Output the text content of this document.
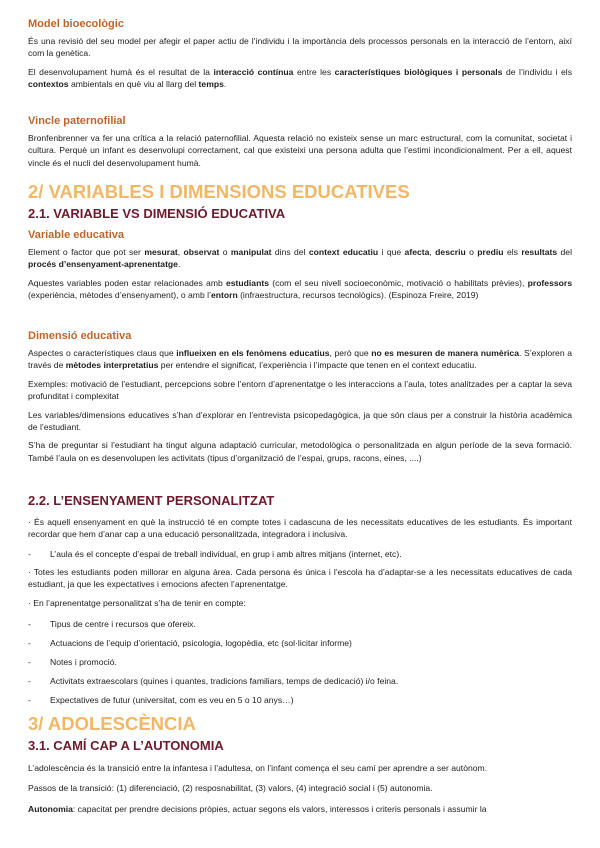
Model bioecològic

És una revisió del seu model per afegir el paper actiu de l’individu i la importància dels processos personals en la interacció de l’entorn, així com la genètica.

El desenvolupament humà és el resultat de la interacció contínua entre les característiques biològiques i personals de l’individu i els contextos ambientals en què viu al llarg del temps.

Vincle paternofilial

Bronfenbrenner va fer una crítica a la relació paternofilial. Aquesta relació no existeix sense un marc estructural, com la comunitat, societat i cultura. Perquè un infant es desenvolupi correctament, cal que existeixi una persona adulta que l’estimi incondicionalment. Per a ell, aquest vincle és el nucli del desenvolupament humà.

2/ VARIABLES I DIMENSIONS EDUCATIVES
2.1. VARIABLE VS DIMENSIÓ EDUCATIVA
Variable educativa

Element o factor que pot ser mesurat, observat o manipulat dins del context educatiu i que afecta, descriu o prediu els resultats del procés d’ensenyament-aprenentatge.

Aquestes variables poden estar relacionades amb estudiants (com el seu nivell socioeconòmic, motivació o habilitats prèvies), professors (experiència, mètodes d’ensenyament), o amb l’entorn (infraestructura, recursos tecnològics). (Espinoza Freire, 2019)

Dimensió educativa

Aspectes o característiques claus que influeixen en els fenòmens educatius, però que no es mesuren de manera numèrica. S’exploren a través de mètodes interpretatius per entendre el significat, l’experiència i l’impacte que tenen en el context educatiu.

Exemples: motivació de l’estudiant, percepcions sobre l’entorn d’aprenentatge o les interaccions a l’aula, totes analitzades per a captar la seva profunditat i complexitat

Les variables/dimensions educatives s’han d’explorar en l’entrevista psicopedagògica, ja que són claus per a construir la història acadèmica de l’estudiant.

S’ha de preguntar si l’estudiant ha tingut alguna adaptació curricular, metodològica o personalitzada en algun període de la seva formació. També l’aula on es desenvolupen les activitats (tipus d’organització de l’espai, grups, racons, eines, ....)

2.2. L’ENSENYAMENT PERSONALITZAT

· És aquell ensenyament en què la instrucció té en compte totes i cadascuna de les necessitats educatives de les estudiants. És important recordar que hem d’anar cap a una educació personalitzada, integradora i inclusiva.

- L’aula és el concepte d’espai de treball individual, en grup i amb altres mitjans (internet, etc).

· Totes les estudiants poden millorar en alguna àrea. Cada persona és única i l’escola ha d’adaptar-se a les necessitats educatives de cada estudiant, ja que les expectatives i emocions afecten l’aprenentatge.

· En l’aprenentatge personalitzat s’ha de tenir en compte:

- Tipus de centre i recursos que ofereix.
- Actuacions de l’equip d’orientació, psicologia, logopèdia, etc (sol·licitar informe)
- Notes i promoció.
- Activitats extraescolars (quines i quantes, tradicions familiars, temps de dedicació) i/o feina.
- Expectatives de futur (universitat, com es veu en 5 o 10 anys…)
3/ ADOLESCÈNCIA
3.1. CAMÍ CAP A L’AUTONOMIA

L’adolescència és la transició entre la infantesa i l’adultesa, on l’infant comença el seu camí per aprendre a ser autònom.

Passos de la transició: (1) diferenciació, (2) resposnabilitat, (3) valors, (4) integració social i (5) autonomia.

Autonomia: capacitat per prendre decisions pròpies, actuar segons els valors, interessos i criteris personals i assumir la
